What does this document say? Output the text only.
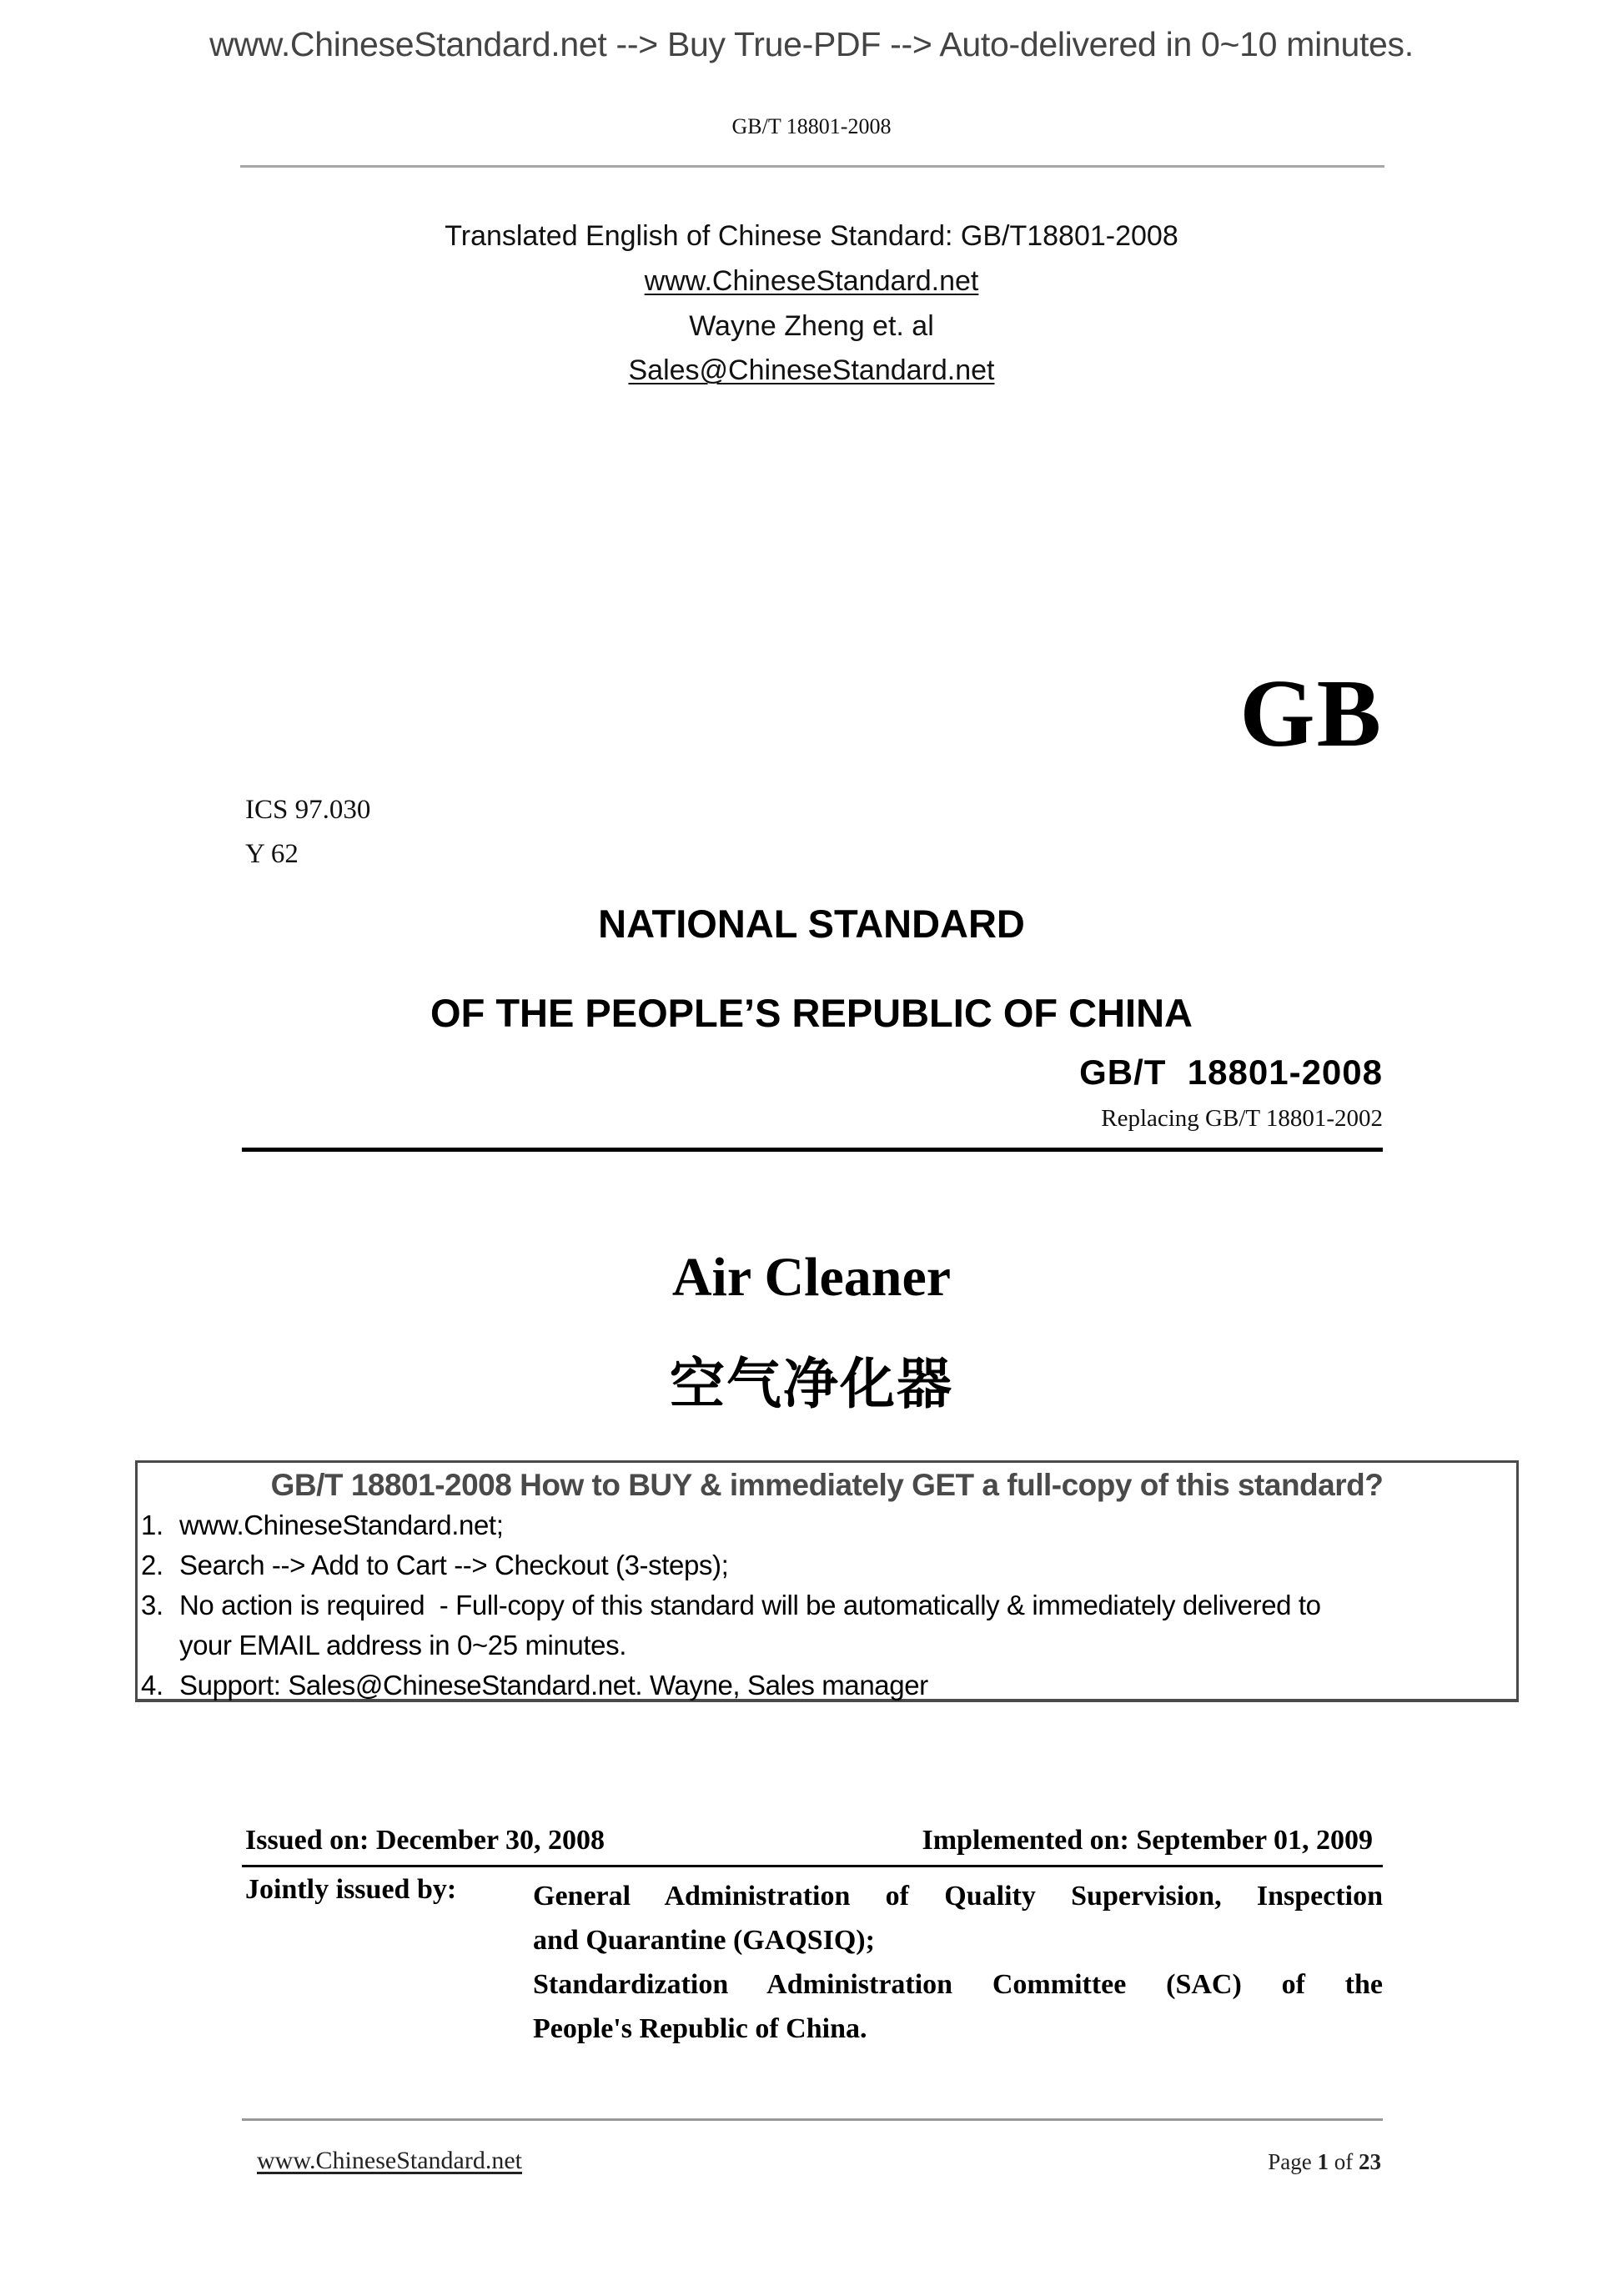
www.ChineseStandard.net --> Buy True-PDF --> Auto-delivered in 0~10 minutes.
GB/T 18801-2008
Translated English of Chinese Standard: GB/T18801-2008
www.ChineseStandard.net
Wayne Zheng et. al
Sales@ChineseStandard.net
GB
ICS 97.030
Y 62
NATIONAL STANDARD
OF THE PEOPLE’S REPUBLIC OF CHINA
GB/T  18801-2008
Replacing GB/T 18801-2002
Air Cleaner
空气净化器
GB/T 18801-2008 How to BUY & immediately GET a full-copy of this standard?
1. www.ChineseStandard.net;
2. Search --> Add to Cart --> Checkout (3-steps);
3. No action is required  - Full-copy of this standard will be automatically & immediately delivered to
your EMAIL address in 0~25 minutes.
4. Support: Sales@ChineseStandard.net. Wayne, Sales manager
Issued on: December 30, 2008	Implemented on: September 01, 2009
Jointly issued by:	General Administration of Quality Supervision, Inspection
and Quarantine (GAQSIQ);
Standardization Administration Committee (SAC) of the
People's Republic of China.
www.ChineseStandard.net	Page 1 of 23
